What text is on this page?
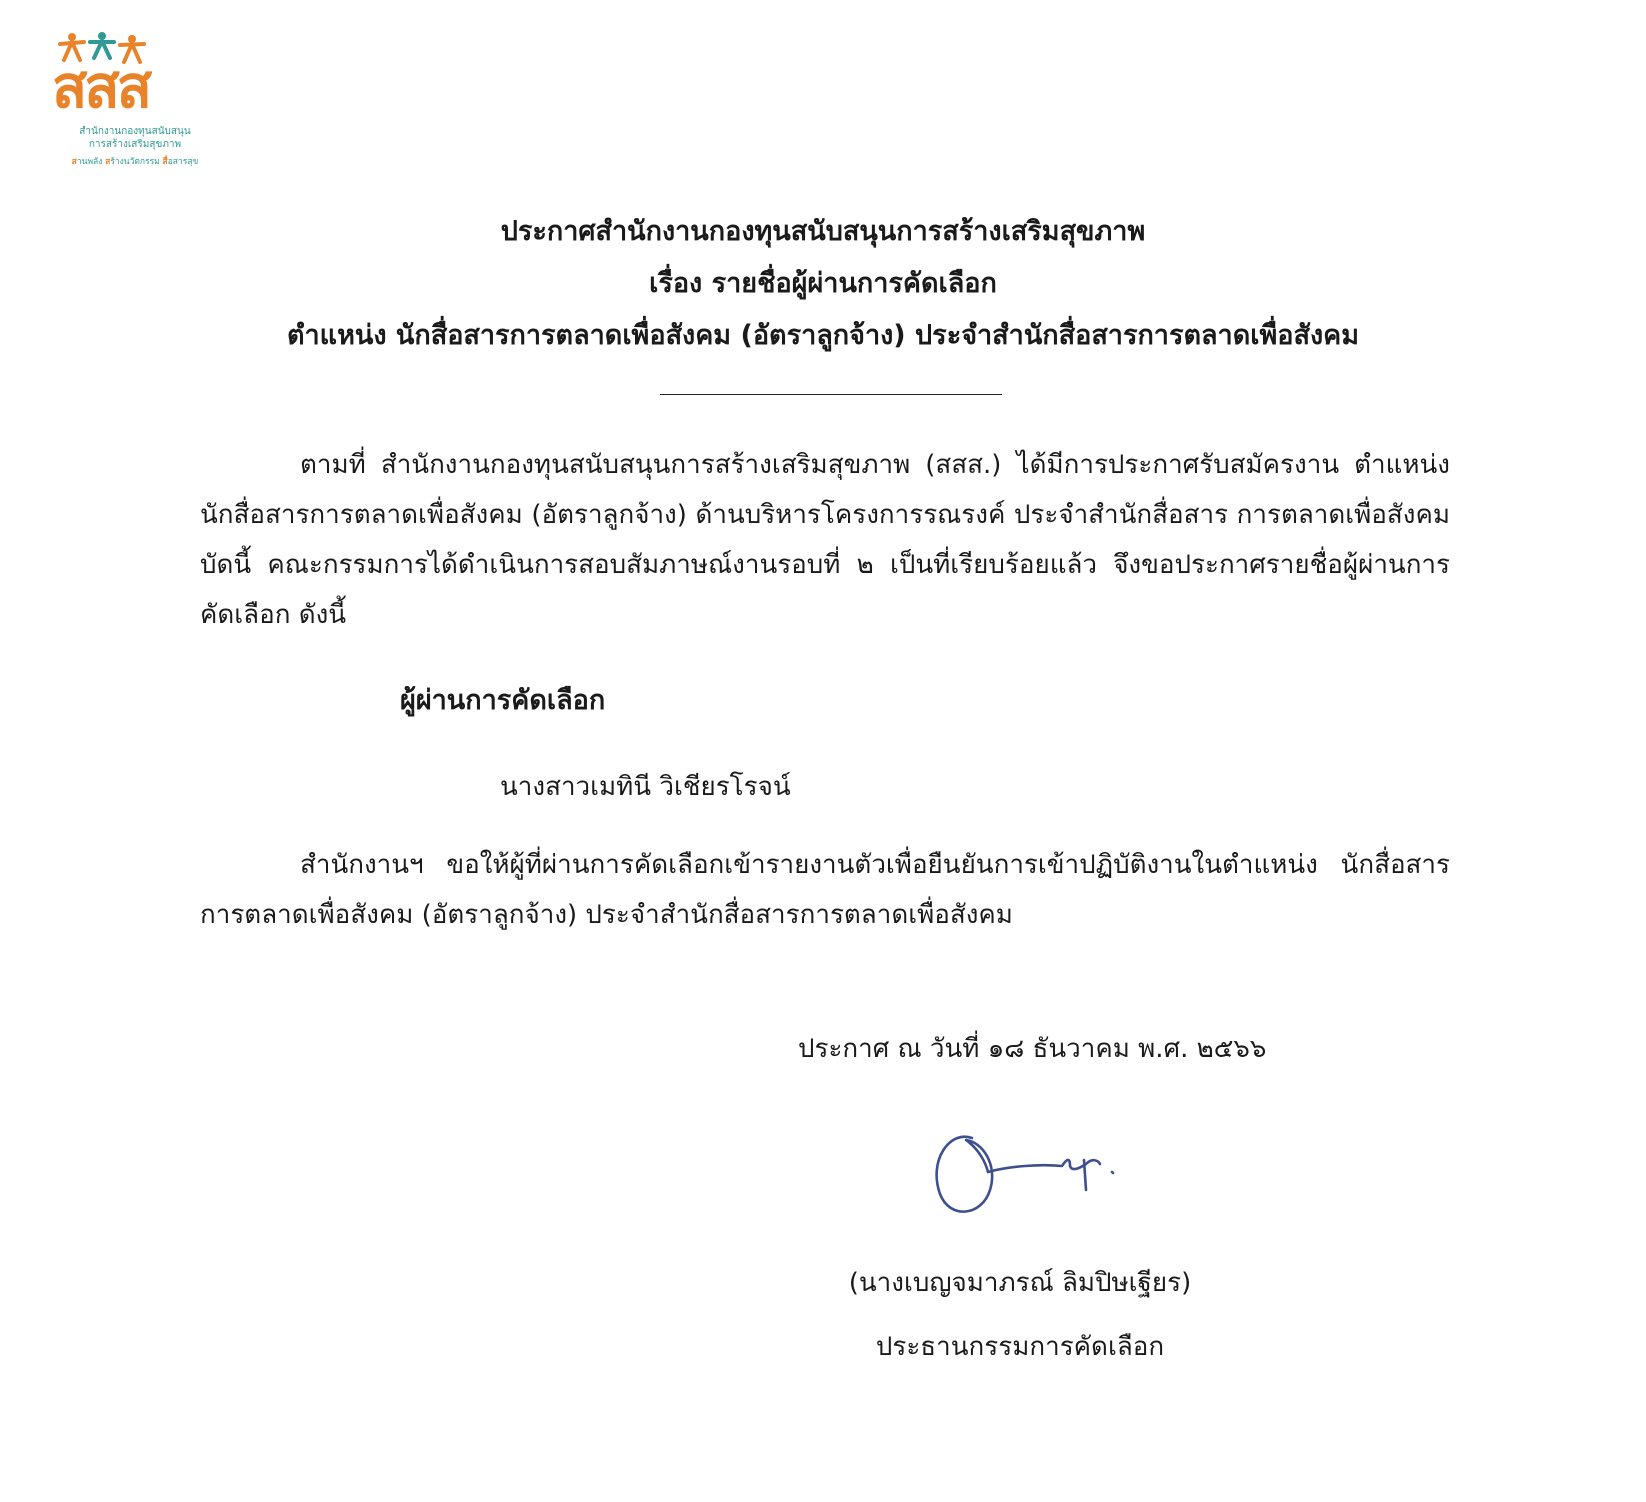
สสส
สำนักงานกองทุนสนับสนุน
การสร้างเสริมสุขภาพ
สานพลัง สร้างนวัตกรรม สื่อสารสุข
ประกาศสำนักงานกองทุนสนับสนุนการสร้างเสริมสุขภาพ
เรื่อง รายชื่อผู้ผ่านการคัดเลือก
ตำแหน่ง นักสื่อสารการตลาดเพื่อสังคม (อัตราลูกจ้าง) ประจำสำนักสื่อสารการตลาดเพื่อสังคม
ตามที่ สำนักงานกองทุนสนับสนุนการสร้างเสริมสุขภาพ (สสส.) ได้มีการประกาศรับสมัครงาน ตำแหน่ง นักสื่อสารการตลาดเพื่อสังคม (อัตราลูกจ้าง) ด้านบริหารโครงการรณรงค์ ประจำสำนักสื่อสาร การตลาดเพื่อสังคม บัดนี้ คณะกรรมการได้ดำเนินการสอบสัมภาษณ์งานรอบที่ ๒ เป็นที่เรียบร้อยแล้ว จึงขอประกาศรายชื่อผู้ผ่านการคัดเลือก ดังนี้
ผู้ผ่านการคัดเลือก
นางสาวเมทินี วิเชียรโรจน์
สำนักงานฯ ขอให้ผู้ที่ผ่านการคัดเลือกเข้ารายงานตัวเพื่อยืนยันการเข้าปฏิบัติงานในตำแหน่ง นักสื่อสารการตลาดเพื่อสังคม (อัตราลูกจ้าง) ประจำสำนักสื่อสารการตลาดเพื่อสังคม
ประกาศ ณ วันที่ ๑๘ ธันวาคม พ.ศ. ๒๕๖๖
(นางเบญจมาภรณ์ ลิมปิษเฐียร)
ประธานกรรมการคัดเลือก
